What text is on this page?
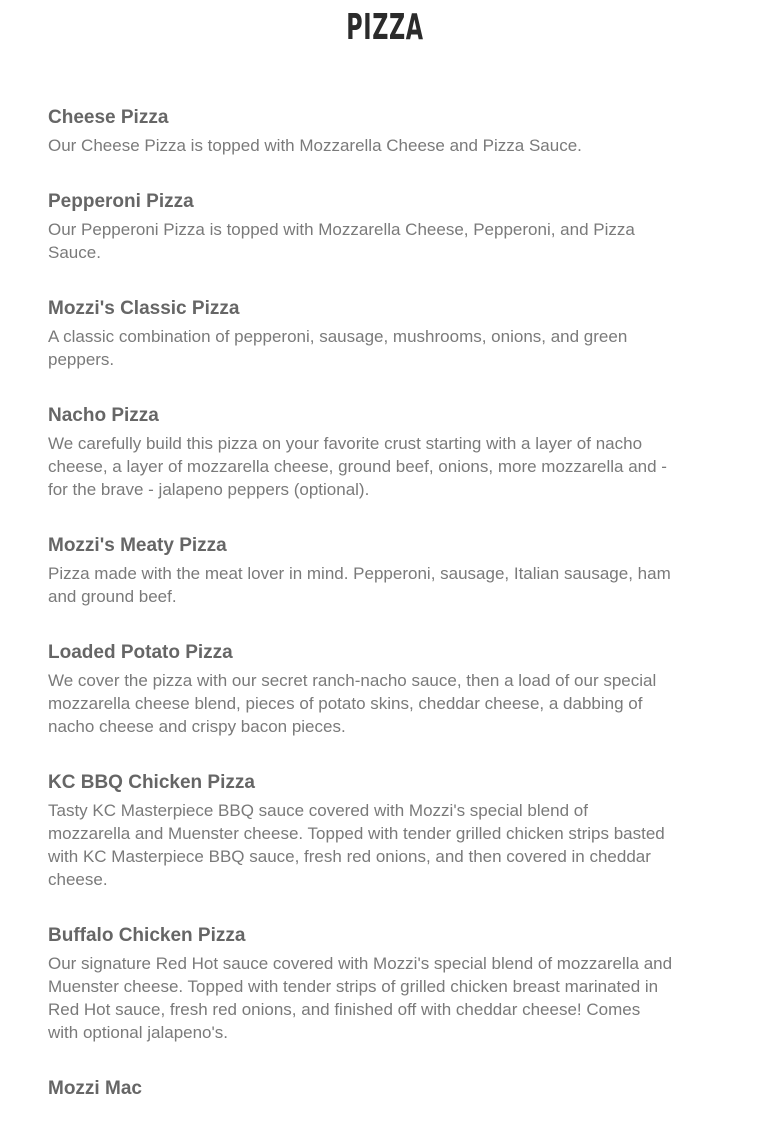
PIZZA
Cheese Pizza

Our Cheese Pizza is topped with Mozzarella Cheese and Pizza Sauce.

Pepperoni Pizza

Our Pepperoni Pizza is topped with Mozzarella Cheese, Pepperoni, and Pizza Sauce.

Mozzi's Classic Pizza

A classic combination of pepperoni, sausage, mushrooms, onions, and green peppers.

Nacho Pizza

We carefully build this pizza on your favorite crust starting with a layer of nacho cheese, a layer of mozzarella cheese, ground beef, onions, more mozzarella and - for the brave - jalapeno peppers (optional).

Mozzi's Meaty Pizza

Pizza made with the meat lover in mind. Pepperoni, sausage, Italian sausage, ham and ground beef.

Loaded Potato Pizza

We cover the pizza with our secret ranch-nacho sauce, then a load of our special mozzarella cheese blend, pieces of potato skins, cheddar cheese, a dabbing of nacho cheese and crispy bacon pieces.

KC BBQ Chicken Pizza

Tasty KC Masterpiece BBQ sauce covered with Mozzi's special blend of mozzarella and Muenster cheese. Topped with tender grilled chicken strips basted with KC Masterpiece BBQ sauce, fresh red onions, and then covered in cheddar cheese.

Buffalo Chicken Pizza

Our signature Red Hot sauce covered with Mozzi's special blend of mozzarella and Muenster cheese. Topped with tender strips of grilled chicken breast marinated in Red Hot sauce, fresh red onions, and finished off with cheddar cheese! Comes with optional jalapeno's.

Mozzi Mac
